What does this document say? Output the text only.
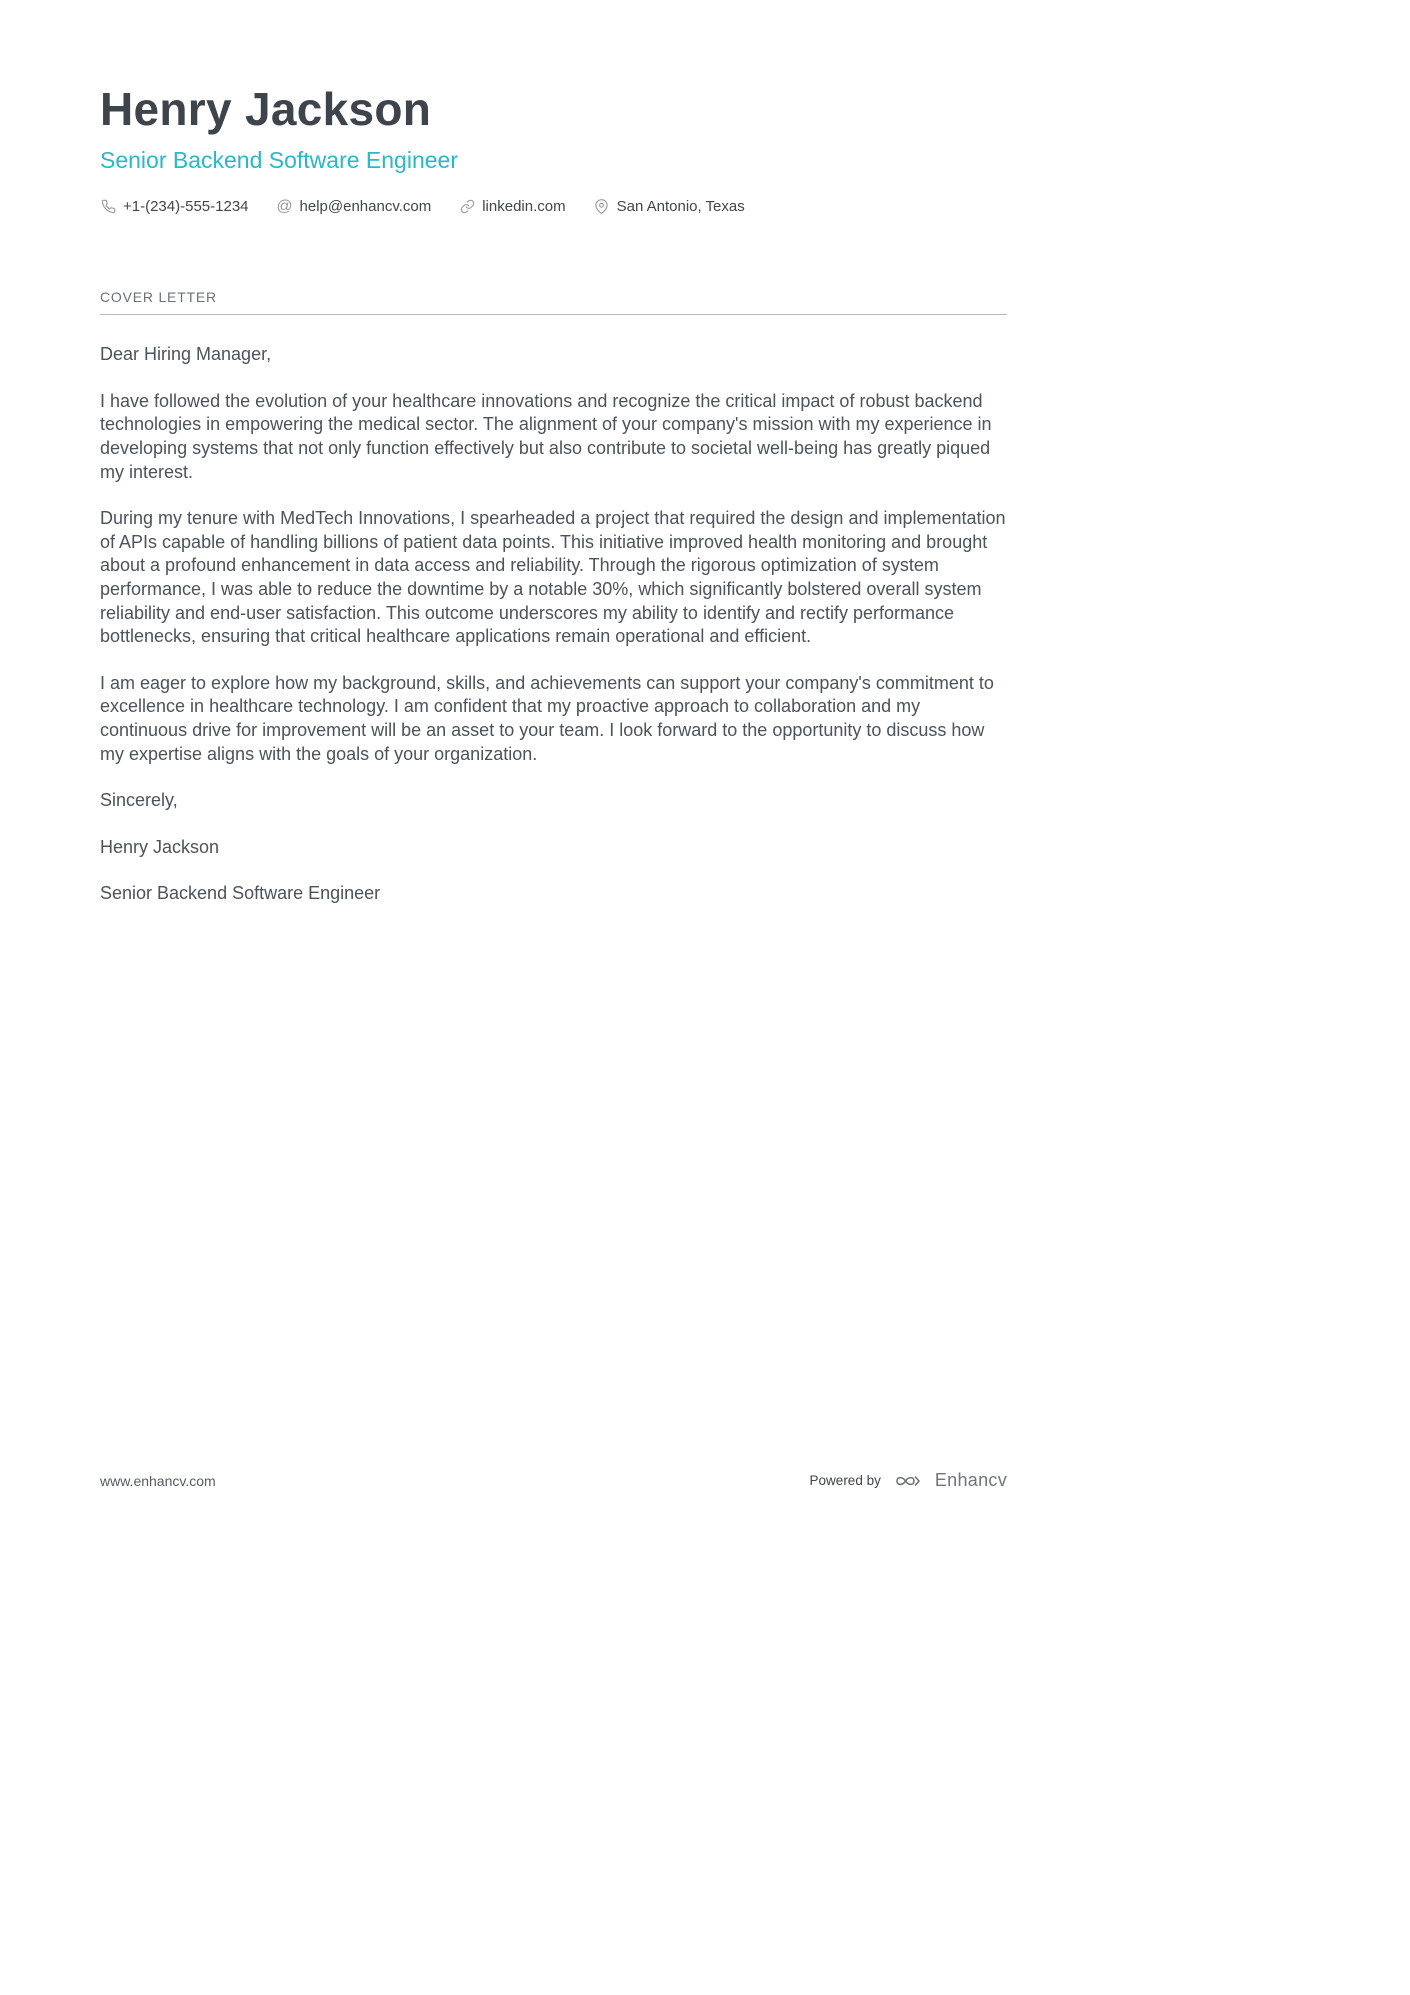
Henry Jackson
Senior Backend Software Engineer
+1-(234)-555-1234 @ help@enhancv.com	linkedin.com	San Antonio, Texas
COVER LETTER

Dear Hiring Manager,

I have followed the evolution of your healthcare innovations and recognize the critical impact of robust backend technologies in empowering the medical sector. The alignment of your company's mission with my experience in developing systems that not only function effectively but also contribute to societal well-being has greatly piqued my interest.

During my tenure with MedTech Innovations, I spearheaded a project that required the design and implementation of APIs capable of handling billions of patient data points. This initiative improved health monitoring and brought about a profound enhancement in data access and reliability. Through the rigorous optimization of system performance, I was able to reduce the downtime by a notable 30%, which significantly bolstered overall system reliability and end-user satisfaction. This outcome underscores my ability to identify and rectify performance bottlenecks, ensuring that critical healthcare applications remain operational and efficient.

I am eager to explore how my background, skills, and achievements can support your company's commitment to excellence in healthcare technology. I am confident that my proactive approach to collaboration and my continuous drive for improvement will be an asset to your team. I look forward to the opportunity to discuss how my expertise aligns with the goals of your organization.

Sincerely,

Henry Jackson

Senior Backend Software Engineer

www.enhancv.com	Powered by	Enhancv
